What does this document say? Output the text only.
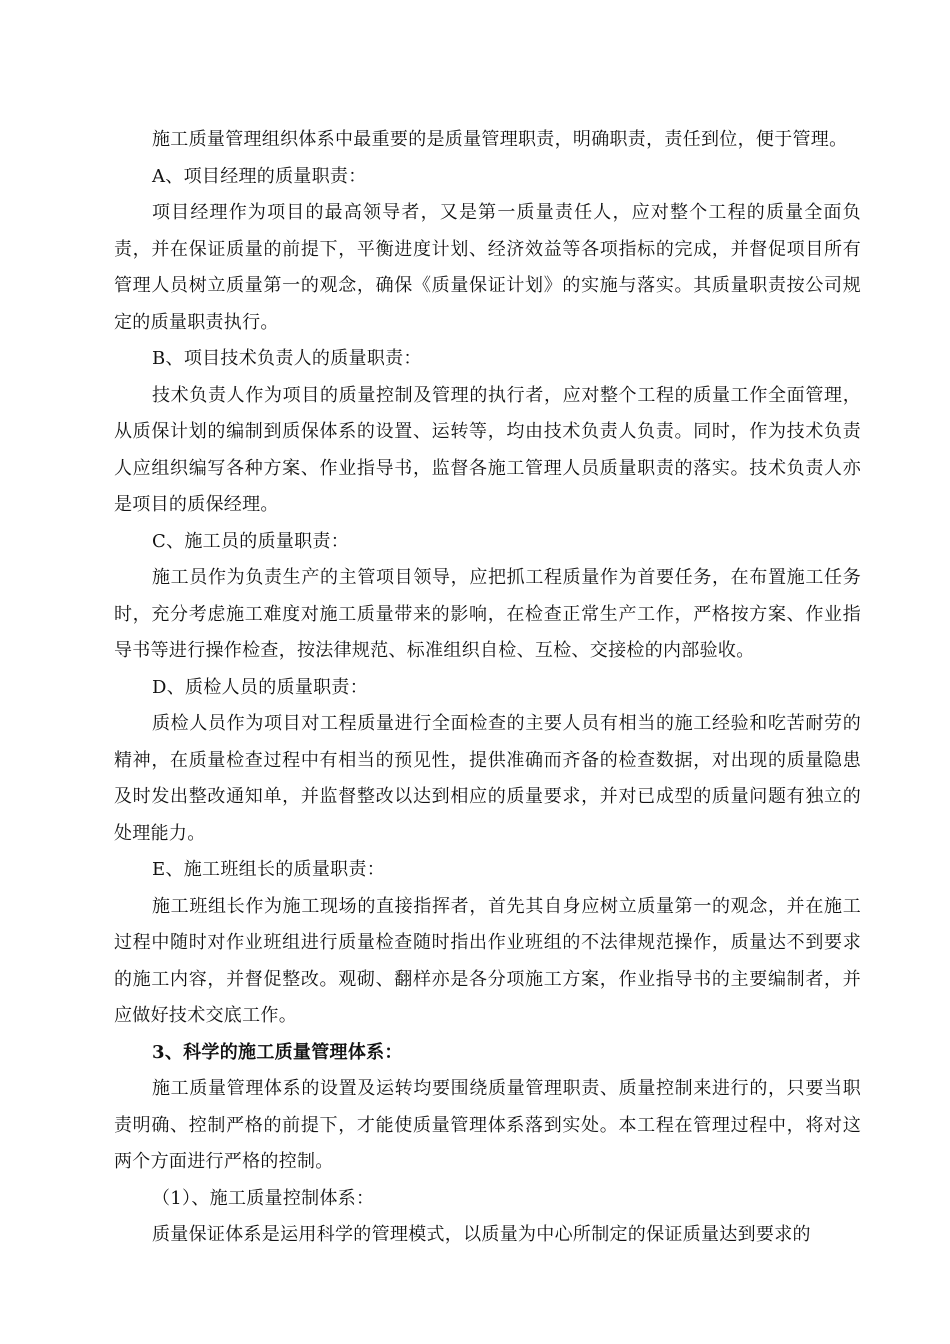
施工质量管理组织体系中最重要的是质量管理职责，明确职责，责任到位，便于管理。

A、项目经理的质量职责：

项目经理作为项目的最高领导者，又是第一质量责任人，应对整个工程的质量全面负责，并在保证质量的前提下，平衡进度计划、经济效益等各项指标的完成，并督促项目所有管理人员树立质量第一的观念，确保《质量保证计划》的实施与落实。其质量职责按公司规定的质量职责执行。

B、项目技术负责人的质量职责：

技术负责人作为项目的质量控制及管理的执行者，应对整个工程的质量工作全面管理，从质保计划的编制到质保体系的设置、运转等，均由技术负责人负责。同时，作为技术负责人应组织编写各种方案、作业指导书，监督各施工管理人员质量职责的落实。技术负责人亦是项目的质保经理。

C、施工员的质量职责：

施工员作为负责生产的主管项目领导，应把抓工程质量作为首要任务，在布置施工任务时，充分考虑施工难度对施工质量带来的影响，在检查正常生产工作，严格按方案、作业指导书等进行操作检查，按法律规范、标准组织自检、互检、交接检的内部验收。

D、质检人员的质量职责：

质检人员作为项目对工程质量进行全面检查的主要人员有相当的施工经验和吃苦耐劳的精神，在质量检查过程中有相当的预见性，提供准确而齐备的检查数据，对出现的质量隐患及时发出整改通知单，并监督整改以达到相应的质量要求，并对已成型的质量问题有独立的处理能力。

E、施工班组长的质量职责：

施工班组长作为施工现场的直接指挥者，首先其自身应树立质量第一的观念，并在施工过程中随时对作业班组进行质量检查随时指出作业班组的不法律规范操作，质量达不到要求的施工内容，并督促整改。观砌、翻样亦是各分项施工方案，作业指导书的主要编制者，并应做好技术交底工作。

3、科学的施工质量管理体系：

施工质量管理体系的设置及运转均要围绕质量管理职责、质量控制来进行的，只要当职责明确、控制严格的前提下，才能使质量管理体系落到实处。本工程在管理过程中，将对这两个方面进行严格的控制。

（1）、施工质量控制体系：

质量保证体系是运用科学的管理模式，以质量为中心所制定的保证质量达到要求的
